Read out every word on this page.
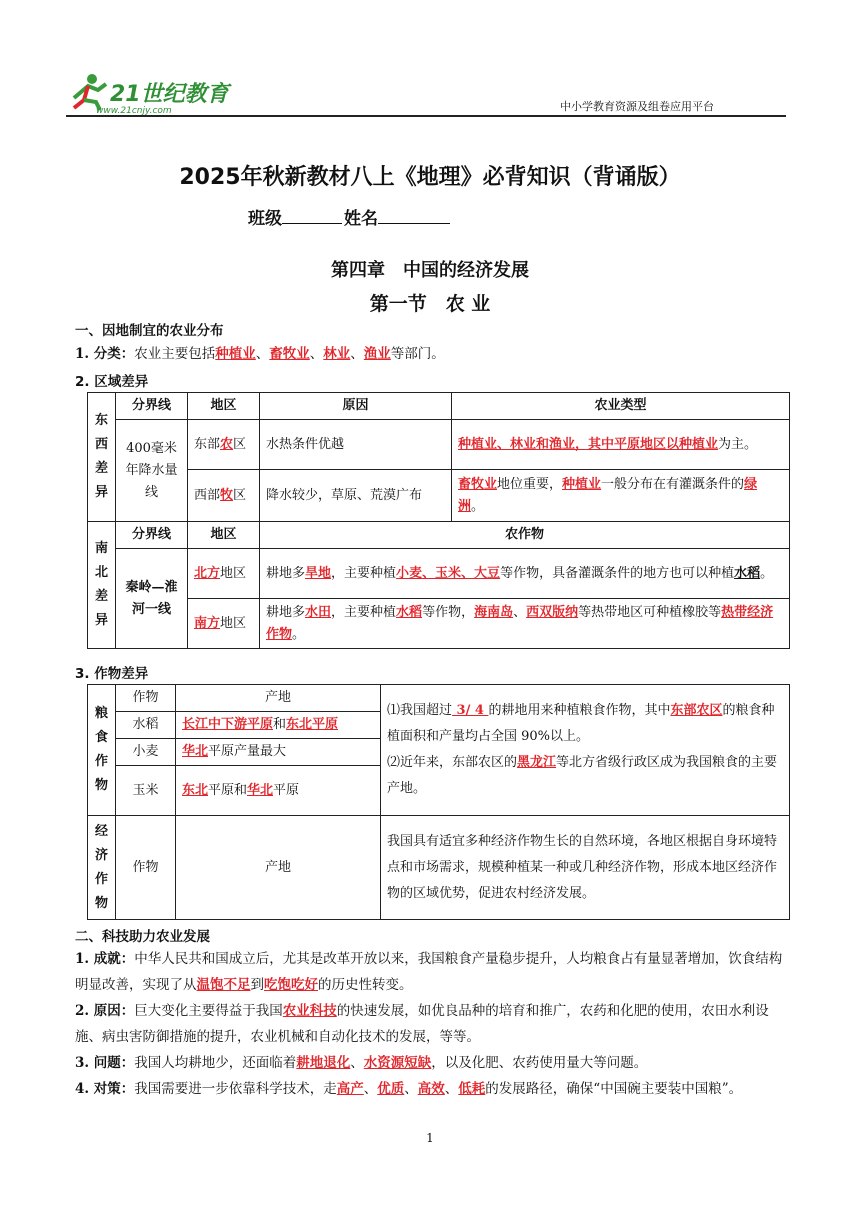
21世纪教育
www.21cnjy.com	中小学教育资源及组卷应用平台
2025年秋新教材八上《地理》必背知识（背诵版）
班级	姓名
第四章　中国的经济发展
第一节　农 业
一、因地制宜的农业分布
1. 分类：农业主要包括种植业、畜牧业、林业、渔业等部门。
2. 区域差异
东西差异	分界线	地区	原因	农业类型
	400毫米年降水量线	东部农区	水热条件优越	种植业、林业和渔业，其中平原地区以种植业为主。
		西部牧区	降水较少，草原、荒漠广布	畜牧业地位重要，种植业一般分布在有灌溉条件的绿洲。
南北差异	分界线	地区	农作物	
	秦岭—淮河一线	北方地区	耕地多旱地，主要种植小麦、玉米、大豆等作物，具备灌溉条件的地方也可以种植水稻。	
		南方地区	耕地多水田，主要种植水稻等作物，海南岛、西双版纳等热带地区可种植橡胶等热带经济作物。	
3. 作物差异
粮食作物	作物	产地	⑴我国超过 3/ 4 的耕地用来种植粮食作物，其中东部农区的粮食种植面积和产量均占全国 90%以上。
⑵近年来，东部农区的黑龙江等北方省级行政区成为我国粮食的主要产地。

	水稻	长江中下游平原和东北平原	
	小麦	华北平原产量最大	
	玉米	东北平原和华北平原	
经济作物	作物	产地	我国具有适宜多种经济作物生长的自然环境，各地区根据自身环境特点和市场需求，规模种植某一种或几种经济作物，形成本地区经济作物的区域优势，促进农村经济发展。
二、科技助力农业发展
1. 成就：中华人民共和国成立后，尤其是改革开放以来，我国粮食产量稳步提升，人均粮食占有量显著增加，饮食结构明显改善，实现了从温饱不足到吃饱吃好的历史性转变。
2. 原因：巨大变化主要得益于我国农业科技的快速发展，如优良品种的培育和推广，农药和化肥的使用，农田水利设施、病虫害防御措施的提升，农业机械和自动化技术的发展，等等。
3. 问题：我国人均耕地少，还面临着耕地退化、水资源短缺，以及化肥、农药使用量大等问题。
4. 对策：我国需要进一步依靠科学技术，走高产、优质、高效、低耗的发展路径，确保“中国碗主要装中国粮”。
1
